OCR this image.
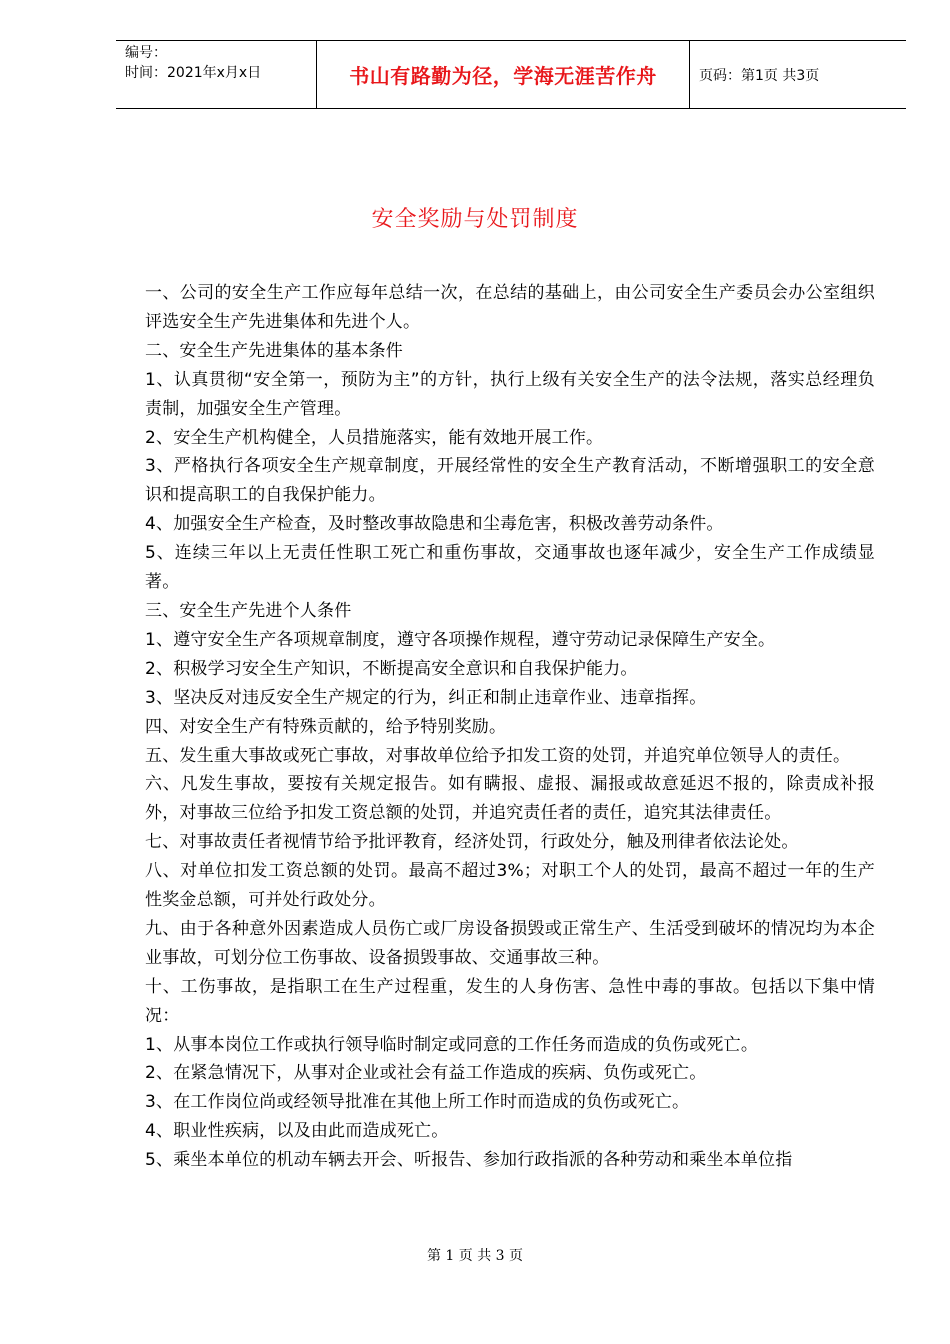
编号：
时间：2021年x月x日	书山有路勤为径，学海无涯苦作舟	页码：第1页 共3页
安全奖励与处罚制度

一、公司的安全生产工作应每年总结一次，在总结的基础上，由公司安全生产委员会办公室组织评选安全生产先进集体和先进个人。

二、安全生产先进集体的基本条件

1、认真贯彻“安全第一，预防为主”的方针，执行上级有关安全生产的法令法规，落实总经理负责制，加强安全生产管理。

2、安全生产机构健全，人员措施落实，能有效地开展工作。

3、严格执行各项安全生产规章制度，开展经常性的安全生产教育活动，不断增强职工的安全意识和提高职工的自我保护能力。

4、加强安全生产检查，及时整改事故隐患和尘毒危害，积极改善劳动条件。

5、连续三年以上无责任性职工死亡和重伤事故，交通事故也逐年减少，安全生产工作成绩显著。

三、安全生产先进个人条件

1、遵守安全生产各项规章制度，遵守各项操作规程，遵守劳动记录保障生产安全。

2、积极学习安全生产知识，不断提高安全意识和自我保护能力。

3、坚决反对违反安全生产规定的行为，纠正和制止违章作业、违章指挥。

四、对安全生产有特殊贡献的，给予特别奖励。

五、发生重大事故或死亡事故，对事故单位给予扣发工资的处罚，并追究单位领导人的责任。

六、凡发生事故，要按有关规定报告。如有瞒报、虚报、漏报或故意延迟不报的，除责成补报外，对事故三位给予扣发工资总额的处罚，并追究责任者的责任，追究其法律责任。

七、对事故责任者视情节给予批评教育，经济处罚，行政处分，触及刑律者依法论处。

八、对单位扣发工资总额的处罚。最高不超过3%；对职工个人的处罚，最高不超过一年的生产性奖金总额，可并处行政处分。

九、由于各种意外因素造成人员伤亡或厂房设备损毁或正常生产、生活受到破坏的情况均为本企业事故，可划分位工伤事故、设备损毁事故、交通事故三种。

十、工伤事故，是指职工在生产过程重，发生的人身伤害、急性中毒的事故。包括以下集中情况：

1、从事本岗位工作或执行领导临时制定或同意的工作任务而造成的负伤或死亡。

2、在紧急情况下，从事对企业或社会有益工作造成的疾病、负伤或死亡。

3、在工作岗位尚或经领导批准在其他上所工作时而造成的负伤或死亡。

4、职业性疾病，以及由此而造成死亡。

5、乘坐本单位的机动车辆去开会、听报告、参加行政指派的各种劳动和乘坐本单位指

第 1 页 共 3 页
